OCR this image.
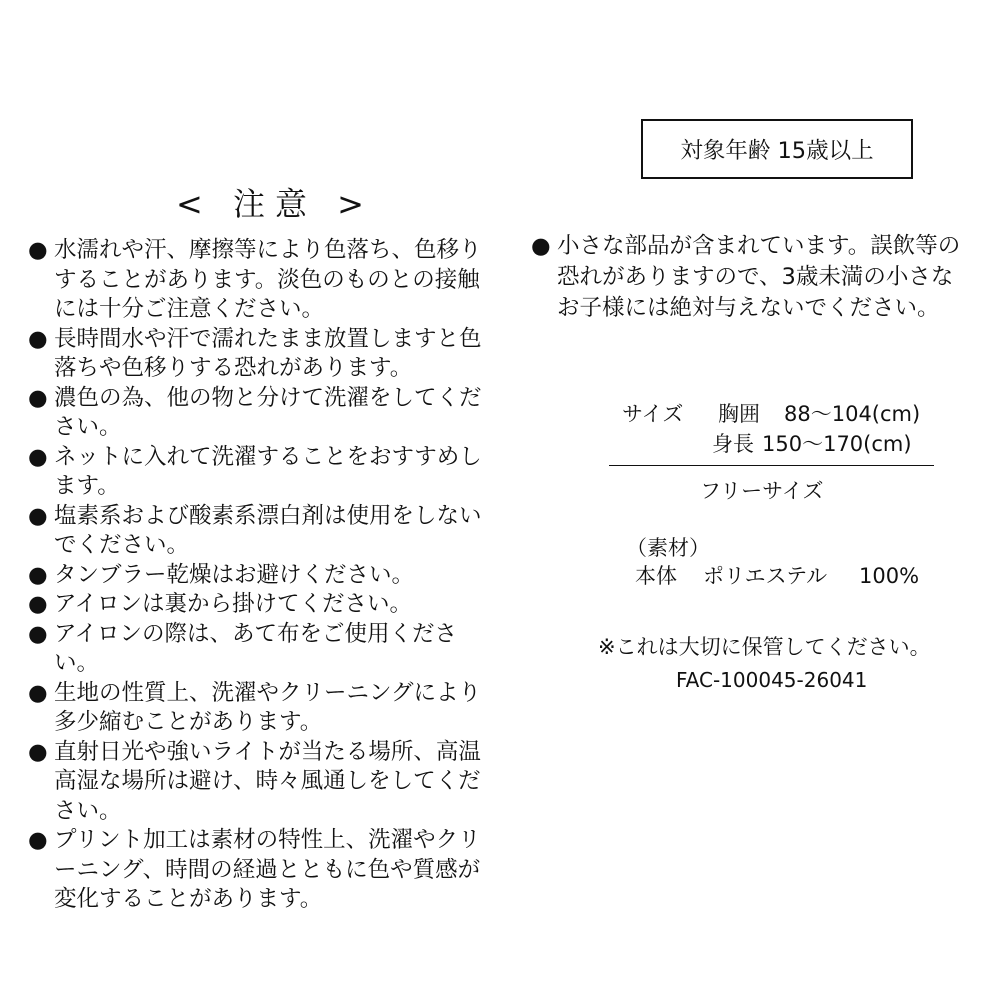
< 注意 >
● 水濡れや汗、摩擦等により色落ち、色移りすることがあります。淡色のものとの接触には十分ご注意ください。
● 長時間水や汗で濡れたまま放置しますと色落ちや色移りする恐れがあります。
● 濃色の為、他の物と分けて洗濯をしてください。
● ネットに入れて洗濯することをおすすめします。
● 塩素系および酸素系漂白剤は使用をしないでください。
● タンブラー乾燥はお避けください。
● アイロンは裏から掛けてください。
● アイロンの際は、あて布をご使用ください。
● 生地の性質上、洗濯やクリーニングにより多少縮むことがあります。
● 直射日光や強いライトが当たる場所、高温高湿な場所は避け、時々風通しをしてください。
● プリント加工は素材の特性上、洗濯やクリーニング、時間の経過とともに色や質感が変化することがあります。
対象年齢 15歳以上
● 小さな部品が含まれています。誤飲等の恐れがありますので、3歳未満の小さなお子様には絶対与えないでください。
サイズ	胸囲	88〜104(cm)
身長 150〜170(cm)
フリーサイズ
（素材）
本体	ポリエステル	100%
※これは大切に保管してください。
FAC-100045-26041
